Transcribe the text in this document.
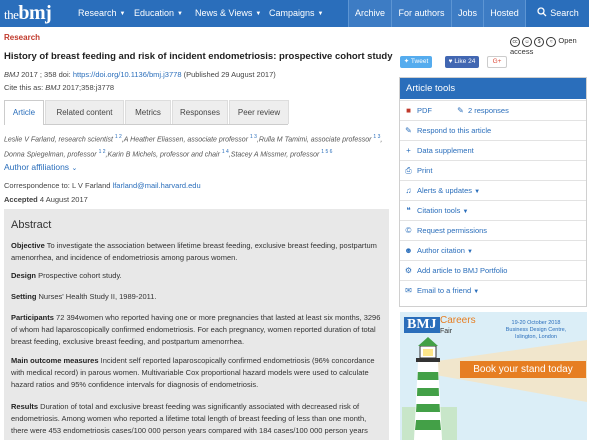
thebmj	Research ▼ Education ▼ News & Views ▼ Campaigns ▼	Archive	For authors	Jobs	Hosted	Search
Research
History of breast feeding and risk of incident endometriosis: prospective cohort study
BMJ 2017 ; 358 doi: https://doi.org/10.1136/bmj.j3778 (Published 29 August 2017)
Cite this as: BMJ 2017;358:j3778
Article	Related content	Metrics	Responses	Peer review
Leslie V Farland, research scientist $^{1 2}$,A Heather Eliassen, associate professor $^{1 3}$,Rulla M Tamimi, associate professor $^{1 3}$,
Donna Spiegelman, professor $^{1 2}$,Karin B Michels, professor and chair $^{1 4}$,Stacey A Missmer, professor $^{1 5 6}$
Author affiliations ⌄
Correspondence to: L V Farland lfarland@mail.harvard.edu
Accepted 4 August 2017
Abstract
Objective To investigate the association between lifetime breast feeding, exclusive breast feeding, postpartum amenorrhea, and incidence of endometriosis among parous women.
Design Prospective cohort study.
Setting Nurses' Health Study II, 1989-2011.
Participants 72 394women who reported having one or more pregnancies that lasted at least six months, 3296 of whom had laparoscopically confirmed endometriosis. For each pregnancy, women reported duration of total breast feeding, exclusive breast feeding, and postpartum amenorrhea.
Main outcome measures Incident self reported laparoscopically confirmed endometriosis (96% concordance with medical record) in parous women. Multivariable Cox proportional hazard models were used to calculate hazard ratios and 95% confidence intervals for diagnosis of endometriosis.
Results Duration of total and exclusive breast feeding was significantly associated with decreased risk of endometriosis. Among women who reported a lifetime total length of breast feeding of less than one month, there were 453 endometriosis cases/100 000 person years compared with 184 cases/100 000 person years
✦ Tweet	♥ Like 24	G+
cc ☺ $ ≈ Open access
Article tools
■ PDF	✎ 2 responses
✎ Respond to this article
+ Data supplement
⎙ Print
♫ Alerts & updates ▼
❝ Citation tools ▼
© Request permissions
☻ Author citation ▼
⚙ Add article to BMJ Portfolio
✉ Email to a friend ▼
BMJ Careers
Fair
19-20 October 2018
Business Design Centre,
Islington, London
Book your stand today
